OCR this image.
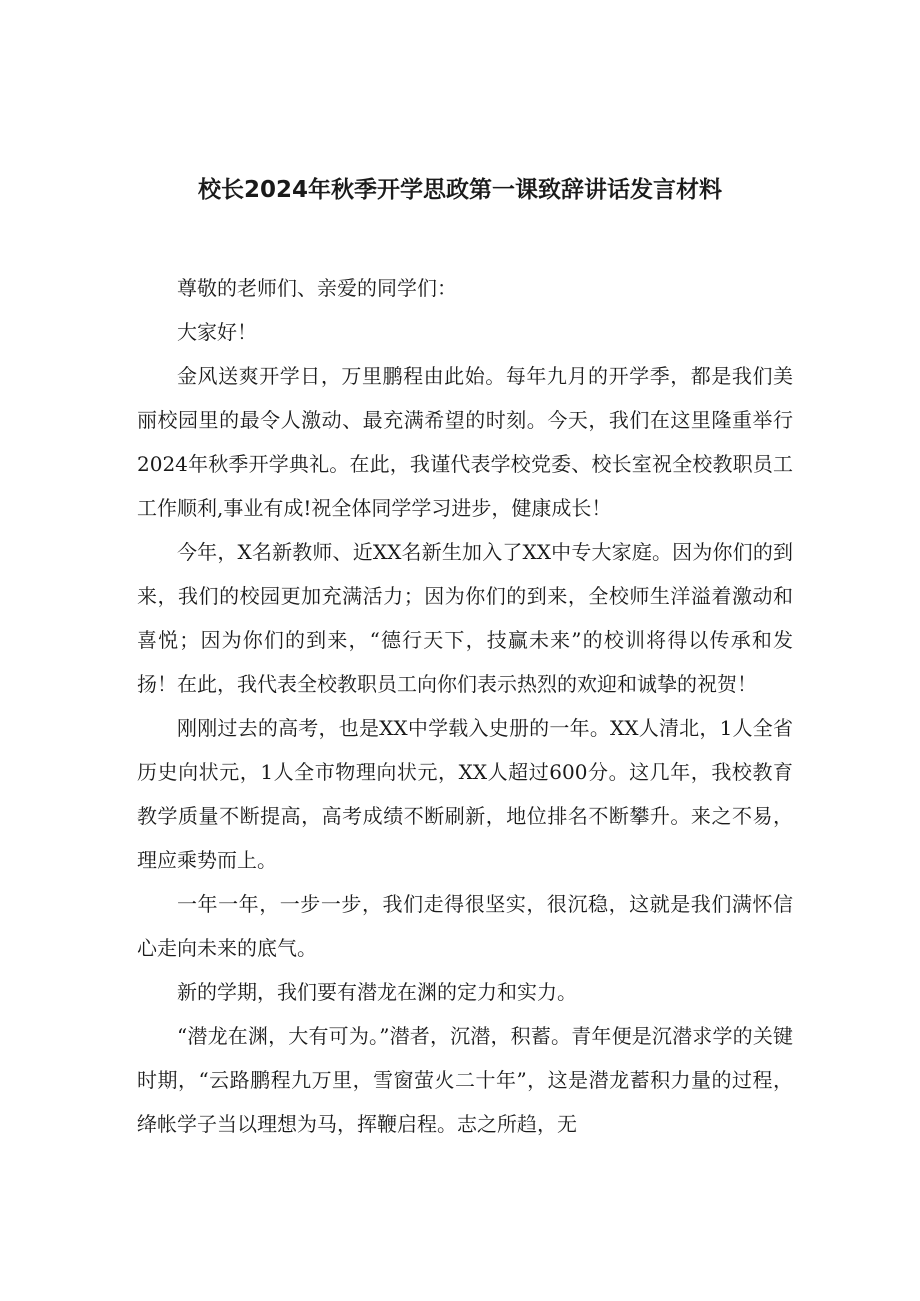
校长2024年秋季开学思政第一课致辞讲话发言材料

尊敬的老师们、亲爱的同学们：

大家好！

金风送爽开学日，万里鹏程由此始。每年九月的开学季，都是我们美丽校园里的最令人激动、最充满希望的时刻。今天，我们在这里隆重举行2024年秋季开学典礼。在此，我谨代表学校党委、校长室祝全校教职员工工作顺利,事业有成!祝全体同学学习进步，健康成长！

今年，X名新教师、近XX名新生加入了XX中专大家庭。因为你们的到来，我们的校园更加充满活力；因为你们的到来，全校师生洋溢着激动和喜悦；因为你们的到来，“德行天下，技赢未来”的校训将得以传承和发扬！在此，我代表全校教职员工向你们表示热烈的欢迎和诚挚的祝贺！

刚刚过去的高考，也是XX中学载入史册的一年。XX人清北，1人全省历史向状元，1人全市物理向状元，XX人超过600分。这几年，我校教育教学质量不断提高，高考成绩不断刷新，地位排名不断攀升。来之不易，理应乘势而上。

一年一年，一步一步，我们走得很坚实，很沉稳，这就是我们满怀信心走向未来的底气。

新的学期，我们要有潜龙在渊的定力和实力。

“潜龙在渊，大有可为。”潜者，沉潜，积蓄。青年便是沉潜求学的关键时期，“云路鹏程九万里，雪窗萤火二十年”，这是潜龙蓄积力量的过程，绛帐学子当以理想为马，挥鞭启程。志之所趋，无
